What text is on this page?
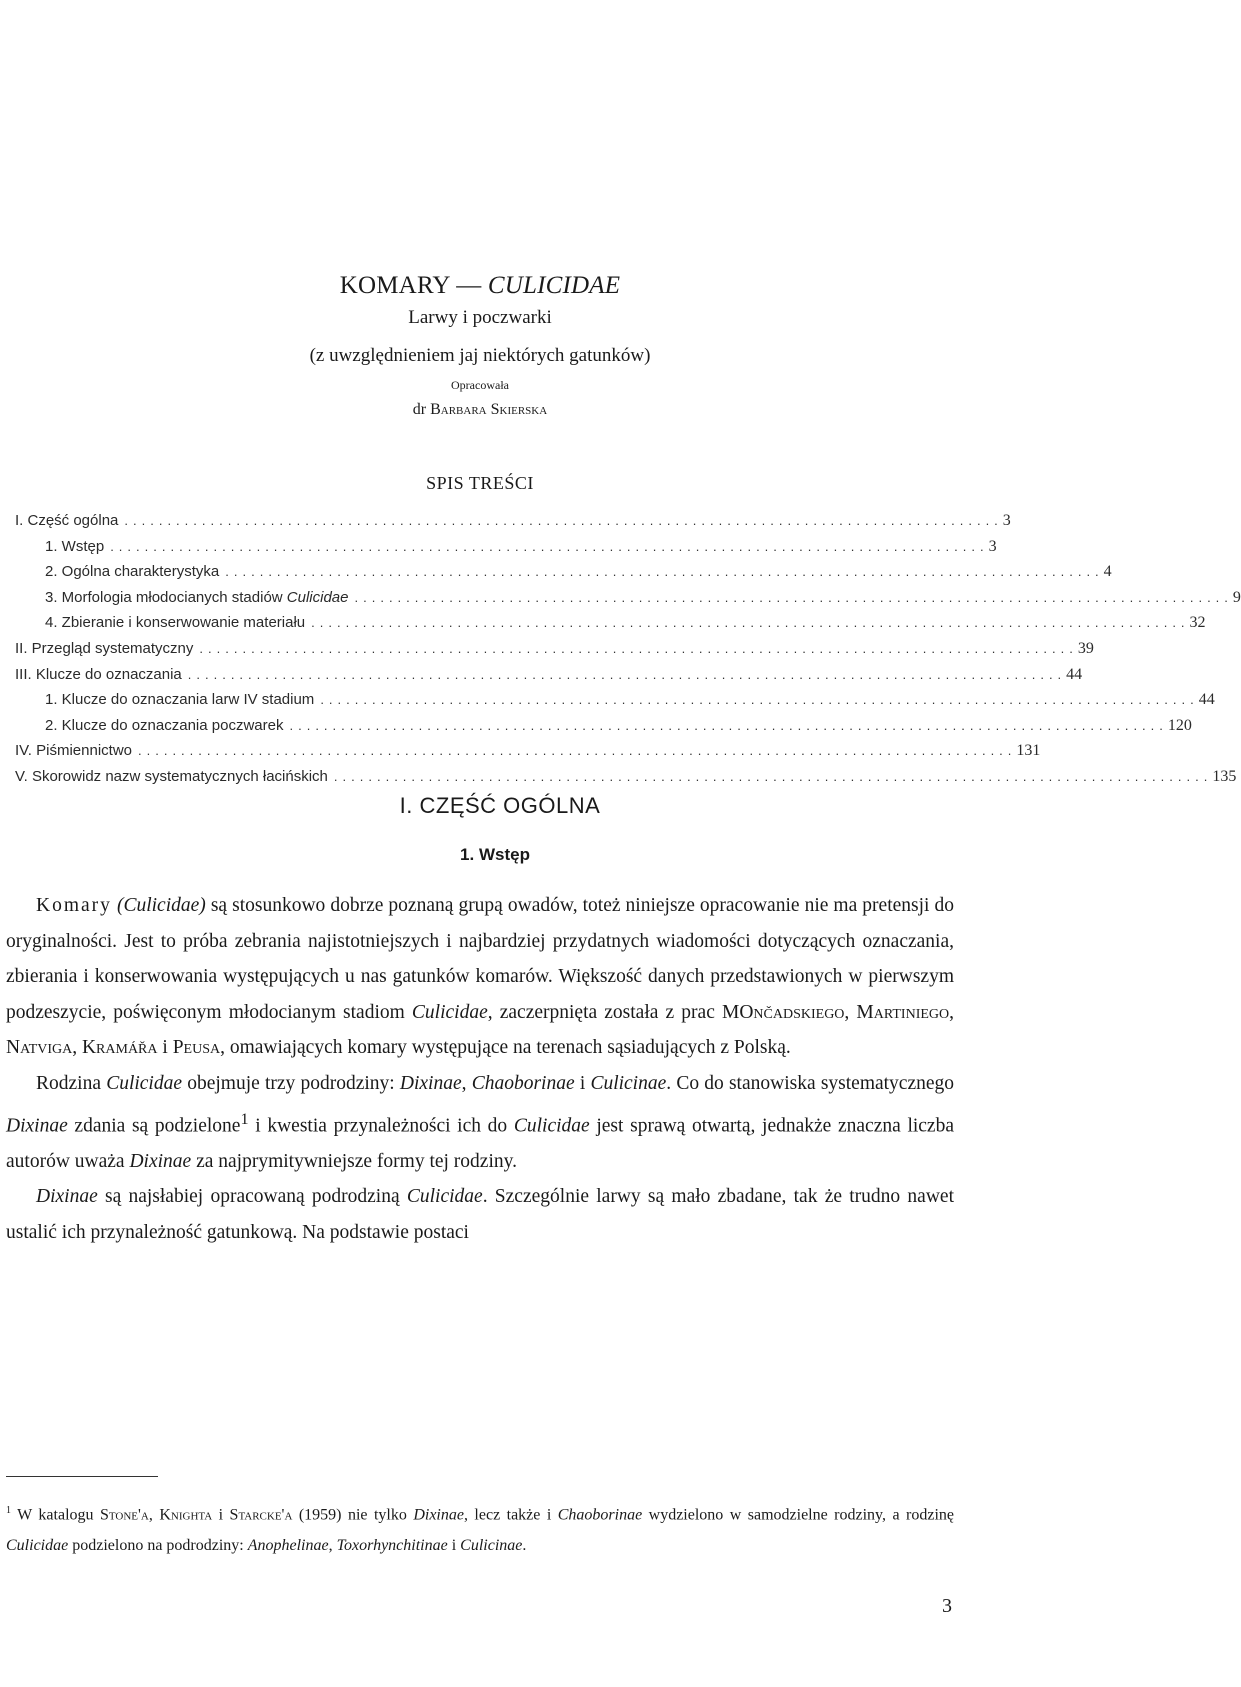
KOMARY — CULICIDAE
Larwy i poczwarki
(z uwzględnieniem jaj niektórych gatunków)
Opracowała
dr Barbara Skierska
SPIS TREŚCI
I. Część ogólna ...................................................................................................... 3
1. Wstęp ...................................................................................................... 3
2. Ogólna charakterystyka ...................................................................................................... 4
3. Morfologia młodocianych stadiów Culicidae ...................................................................................................... 9
4. Zbieranie i konserwowanie materiału ...................................................................................................... 32
II. Przegląd systematyczny ...................................................................................................... 39
III. Klucze do oznaczania ...................................................................................................... 44
1. Klucze do oznaczania larw IV stadium ...................................................................................................... 44
2. Klucze do oznaczania poczwarek ...................................................................................................... 120
IV. Piśmiennictwo ...................................................................................................... 131
V. Skorowidz nazw systematycznych łacińskich ...................................................................................................... 135
I. CZĘŚĆ OGÓLNA
1. Wstęp

Komary (Culicidae) są stosunkowo dobrze poznaną grupą owadów, toteż niniejsze opracowanie nie ma pretensji do oryginalności. Jest to próba zebrania najistotniejszych i najbardziej przydatnych wiadomości dotyczących oznaczania, zbierania i konserwowania występujących u nas gatunków komarów. Większość danych przedstawionych w pierwszym podzeszycie, poświęconym młodocianym stadiom Culicidae, zaczerpnięta została z prac MOnčadskiego, Martiniego, Natviga, Kramářa i Peusa, omawiających komary występujące na terenach sąsiadujących z Polską.

Rodzina Culicidae obejmuje trzy podrodziny: Dixinae, Chaoborinae i Culicinae. Co do stanowiska systematycznego Dixinae zdania są podzielone$^1$ i kwestia przynależności ich do Culicidae jest sprawą otwartą, jednakże znaczna liczba autorów uważa Dixinae za najprymitywniejsze formy tej rodziny.

Dixinae są najsłabiej opracowaną podrodziną Culicidae. Szczególnie larwy są mało zbadane, tak że trudno nawet ustalić ich przynależność gatunkową. Na podstawie postaci

$^1$ W katalogu Stone'a, Knighta i Starcke'a (1959) nie tylko Dixinae, lecz także i Chaoborinae wydzielono w samodzielne rodziny, a rodzinę Culicidae podzielono na podrodziny: Anophelinae, Toxorhynchitinae i Culicinae.
3
